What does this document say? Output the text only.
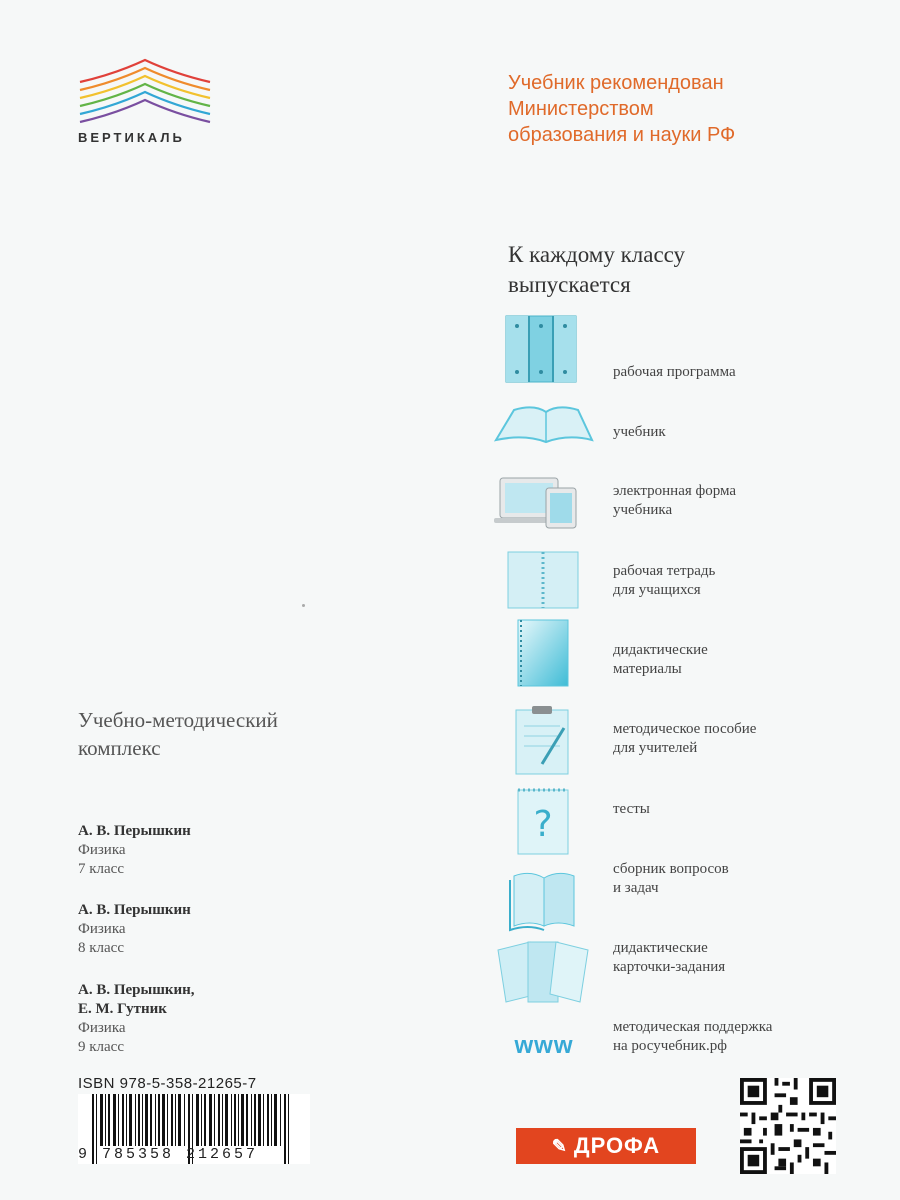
ВЕРТИКАЛЬ
Учебник рекомендован
Министерством
образования и науки РФ
К каждому классу
выпускается
рабочая программа
учебник
электронная форма
учебника
рабочая тетрадь
для учащихся
дидактические
материалы
методическое пособие
для учителей
?	тесты
сборник вопросов
и задач
дидактические
карточки-задания
www
методическая поддержка
на росучебник.рф
Учебно-методический
комплекс
А. В. Перышкин
Физика
7 класс
А. В. Перышкин
Физика
8 класс
А. В. Перышкин,
Е. М. Гутник
Физика
9 класс
ISBN 978-5-358-21265-7
9 785358 212657	✎ ДРОФА
